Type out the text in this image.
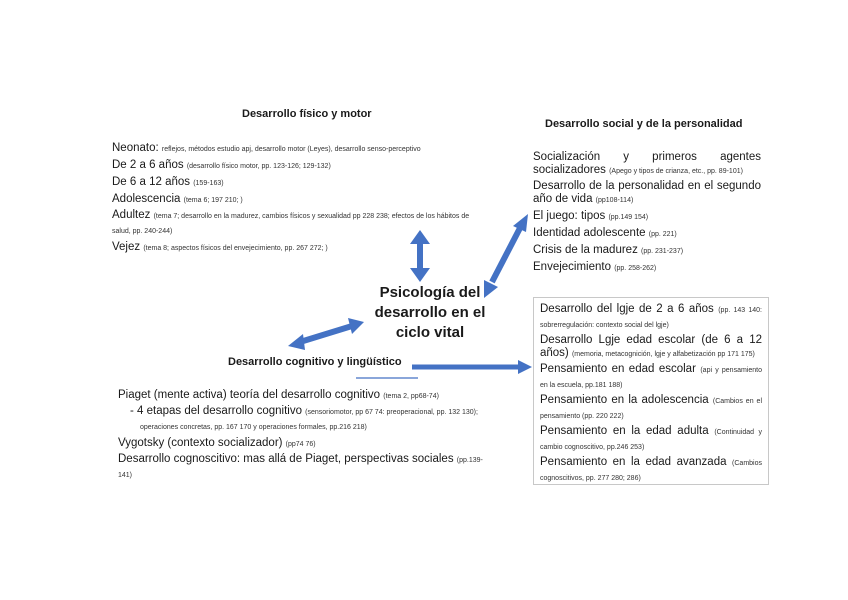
Psicología del
desarrollo en el
ciclo vital
Desarrollo físico y motor
Neonato: reflejos, métodos estudio apj, desarrollo motor (Leyes), desarrollo senso-perceptivo
De 2 a 6 años (desarrollo físico motor, pp. 123-126; 129-132)
De 6 a 12 años (159-163)
Adolescencia (tema 6; 197 210; )
Adultez (tema 7; desarrollo en la madurez, cambios físicos y sexualidad pp 228 238; efectos de los hábitos de salud, pp. 240-244)
Vejez (tema 8; aspectos físicos del envejecimiento, pp. 267 272; )
Desarrollo social y de la personalidad
Socialización y primeros agentes socializadores (Apego y tipos de crianza, etc., pp. 89-101)
Desarrollo de la personalidad en el segundo año de vida (pp108-114)
El juego: tipos (pp.149 154)
Identidad adolescente (pp. 221)
Crisis de la madurez (pp. 231-237)
Envejecimiento (pp. 258-262)
Desarrollo cognitivo y lingüístico
Piaget (mente activa) teoría del desarrollo cognitivo (tema 2, pp68-74)
- 4 etapas del desarrollo cognitivo (sensoriomotor, pp 67 74: preoperacional, pp. 132 130); operaciones concretas, pp. 167 170 y operaciones formales, pp.216 218)
Vygotsky (contexto socializador) (pp74 76)
Desarrollo cognoscitivo: mas allá de Piaget, perspectivas sociales (pp.139-141)
Desarrollo del lgje de 2 a 6 años (pp. 143 140: sobrerregulación: contexto social del lgje)
Desarrollo Lgje edad escolar (de 6 a 12 años) (memoria, metacognición, lgje y alfabetización pp 171 175)
Pensamiento en edad escolar (api y pensamiento en la escuela, pp.181 188)
Pensamiento en la adolescencia (Cambios en el pensamiento (pp. 220 222)
Pensamiento en la edad adulta (Continuidad y cambio cognoscitivo, pp.246 253)
Pensamiento en la edad avanzada (Cambios cognoscitivos, pp. 277 280; 286)
